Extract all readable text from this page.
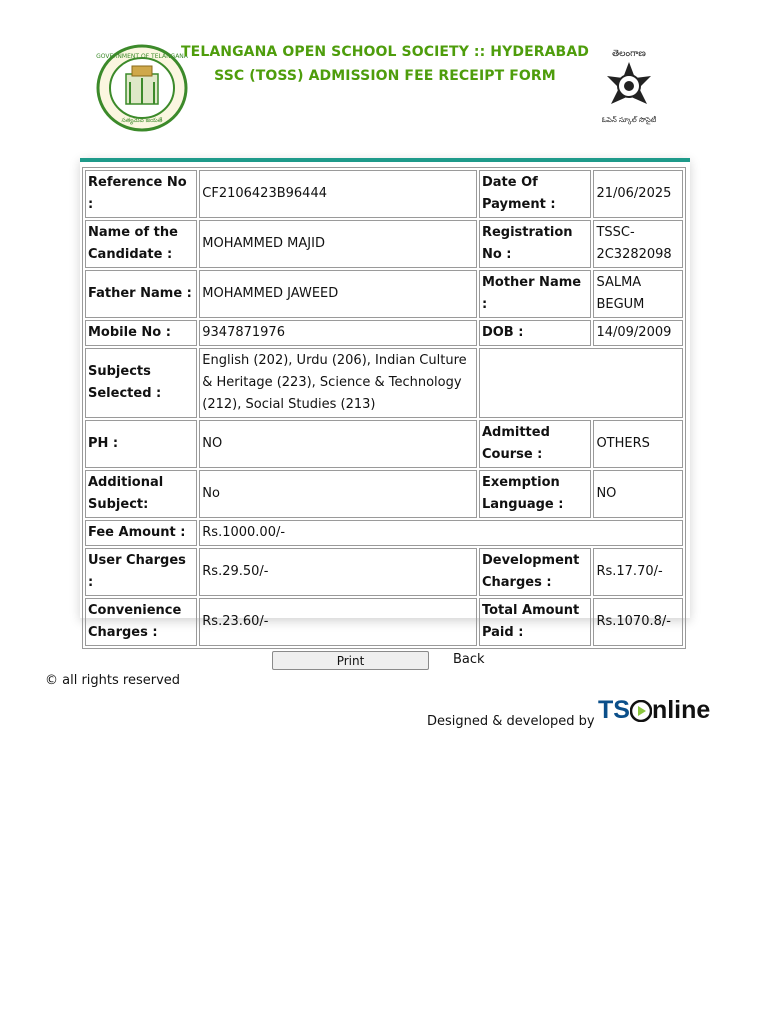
GOVERNMENT OF TELANGANA
సత్యమేవ జయతే
TELANGANA OPEN SCHOOL SOCIETY :: HYDERABAD
SSC (TOSS) ADMISSION FEE RECEIPT FORM
తెలంగాణ
ఓపెన్ స్కూల్ సొసైటీ
Reference No :	CF2106423B96444	Date Of Payment :	21/06/2025
Name of the Candidate :	MOHAMMED MAJID	Registration No :	TSSC-2C3282098
Father Name :	MOHAMMED JAWEED	Mother Name :	SALMA BEGUM
Mobile No :	9347871976	DOB :	14/09/2009
Subjects Selected :	English (202), Urdu (206), Indian Culture & Heritage (223), Science & Technology (212), Social Studies (213)		
PH :	NO	Admitted Course :	OTHERS
Additional Subject:	No	Exemption Language :	NO
Fee Amount :	Rs.1000.00/-		
User Charges :	Rs.29.50/-	Development Charges :	Rs.17.70/-
Convenience Charges :	Rs.23.60/-	Total Amount Paid :	Rs.1070.8/-
Print	Back
© all rights reserved
Designed & developed by TS nline
